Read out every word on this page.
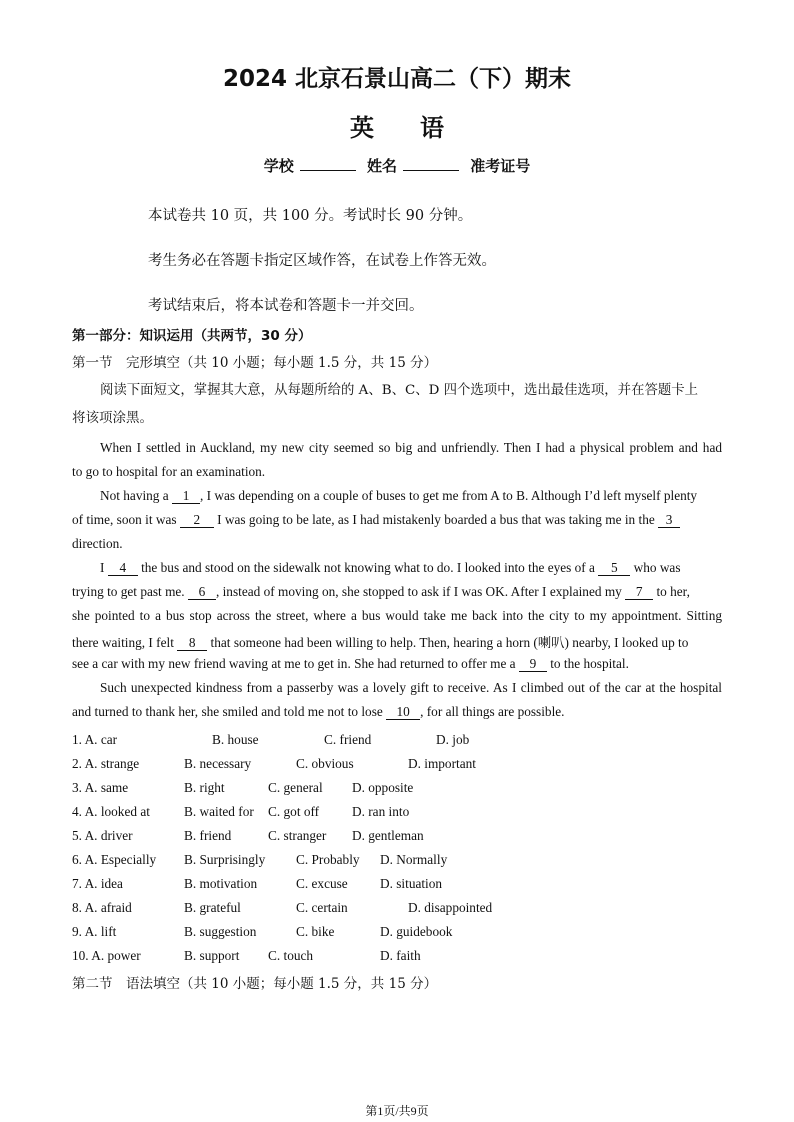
2024 北京石景山高二（下）期末
英 语
学校	姓名	准考证号
本试卷共 10 页，共 100 分。考试时长 90 分钟。
考生务必在答题卡指定区域作答，在试卷上作答无效。
考试结束后，将本试卷和答题卡一并交回。
第一部分：知识运用（共两节，30 分）
第一节　完形填空（共 10 小题；每小题 1.5 分，共 15 分）
阅读下面短文，掌握其大意，从每题所给的 A、B、C、D 四个选项中，选出最佳选项，并在答题卡上
将该项涂黑。
When I settled in Auckland, my new city seemed so big and unfriendly. Then I had a physical problem and had
to go to hospital for an examination.
Not having a 1 , I was depending on a couple of buses to get me from A to B. Although I’d left myself plenty
of time, soon it was 2 I was going to be late, as I had mistakenly boarded a bus that was taking me in the 3
direction.
I 4 the bus and stood on the sidewalk not knowing what to do. I looked into the eyes of a 5 who was
trying to get past me. 6 , instead of moving on, she stopped to ask if I was OK. After I explained my 7 to her,
she pointed to a bus stop across the street, where a bus would take me back into the city to my appointment. Sitting
there waiting, I felt 8 that someone had been willing to help. Then, hearing a horn (喇叭) nearby, I looked up to
see a car with my new friend waving at me to get in. She had returned to offer me a 9 to the hospital.
Such unexpected kindness from a passerby was a lovely gift to receive. As I climbed out of the car at the hospital
and turned to thank her, she smiled and told me not to lose 10 , for all things are possible.
1. A. car	B. house	C. friend	D. job
2. A. strange	B. necessary	C. obvious	D. important
3. A. same	B. right	C. general D. opposite
4. A. looked at	B. waited for C. got off D. ran into
5. A. driver	B. friend	C. stranger D. gentleman
6. A. Especially B. Surprisingly C. Probably D. Normally
7. A. idea	B. motivation	C. excuse D. situation
8. A. afraid	B. grateful	C. certain	D. disappointed
9. A. lift	B. suggestion	C. bike	D. guidebook
10. A. power	B. support C. touch	D. faith
第二节　语法填空（共 10 小题；每小题 1.5 分，共 15 分）
第1页/共9页
